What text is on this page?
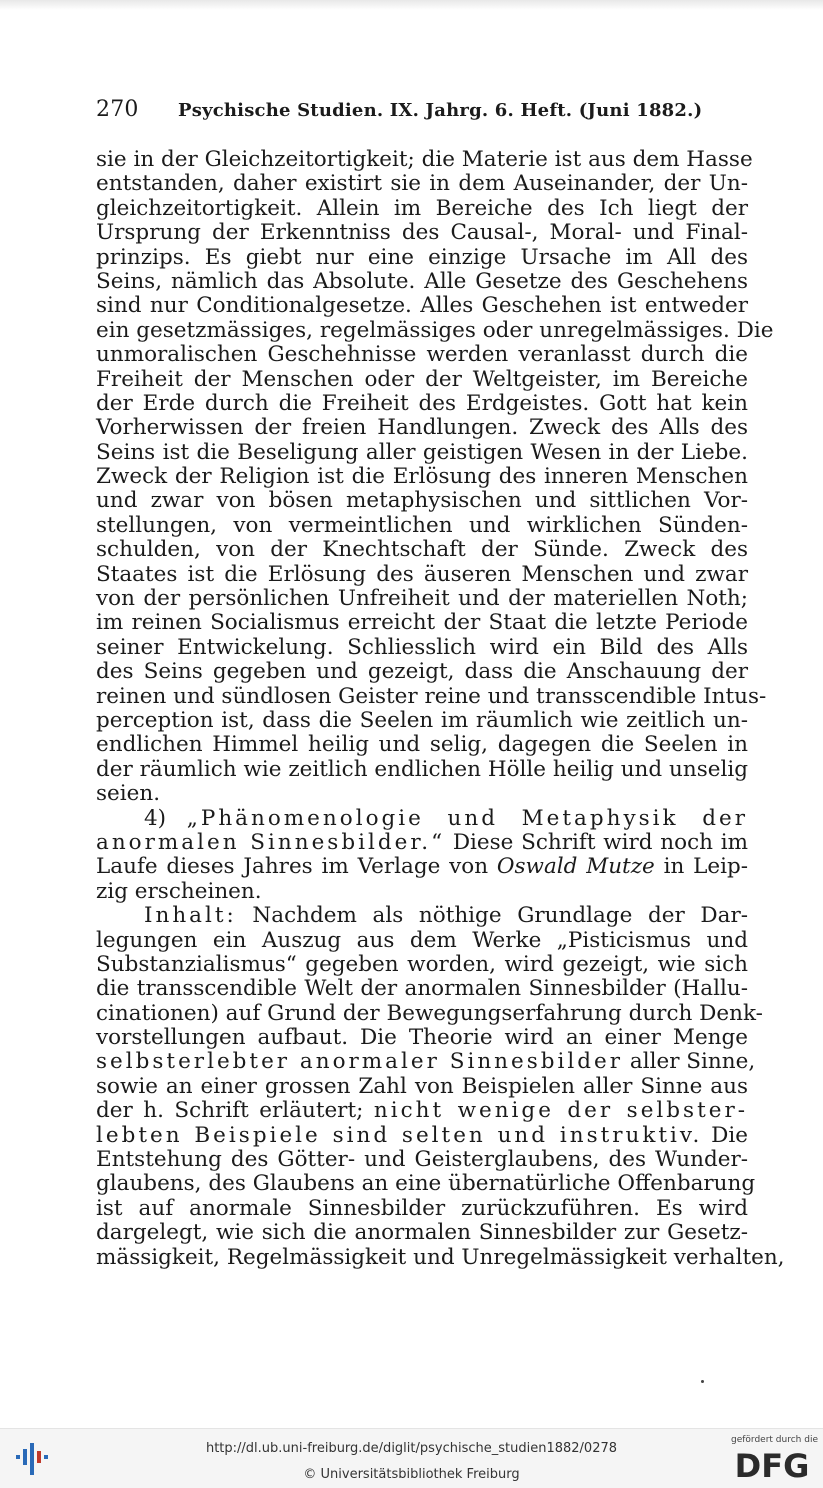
270 Psychische Studien. IX. Jahrg. 6. Heft. (Juni 1882.)
sie in der Gleichzeitortigkeit; die Materie ist aus dem Hasse
entstanden, daher existirt sie in dem Auseinander, der Un-
gleichzeitortigkeit. Allein im Bereiche des Ich liegt der
Ursprung der Erkenntniss des Causal-, Moral- und Final-
prinzips. Es giebt nur eine einzige Ursache im All des
Seins, nämlich das Absolute. Alle Gesetze des Geschehens
sind nur Conditionalgesetze. Alles Geschehen ist entweder
ein gesetzmässiges, regelmässiges oder unregelmässiges. Die
unmoralischen Geschehnisse werden veranlasst durch die
Freiheit der Menschen oder der Weltgeister, im Bereiche
der Erde durch die Freiheit des Erdgeistes. Gott hat kein
Vorherwissen der freien Handlungen. Zweck des Alls des
Seins ist die Beseligung aller geistigen Wesen in der Liebe.
Zweck der Religion ist die Erlösung des inneren Menschen
und zwar von bösen metaphysischen und sittlichen Vor-
stellungen, von vermeintlichen und wirklichen Sünden-
schulden, von der Knechtschaft der Sünde. Zweck des
Staates ist die Erlösung des äuseren Menschen und zwar
von der persönlichen Unfreiheit und der materiellen Noth;
im reinen Socialismus erreicht der Staat die letzte Periode
seiner Entwickelung. Schliesslich wird ein Bild des Alls
des Seins gegeben und gezeigt, dass die Anschauung der
reinen und sündlosen Geister reine und transscendible Intus-
perception ist, dass die Seelen im räumlich wie zeitlich un-
endlichen Himmel heilig und selig, dagegen die Seelen in
der räumlich wie zeitlich endlichen Hölle heilig und unselig
seien.
4) „Phänomenologie und Metaphysik der
anormalen Sinnesbilder.“ Diese Schrift wird noch im
Laufe dieses Jahres im Verlage von Oswald Mutze in Leip-
zig erscheinen.
Inhalt: Nachdem als nöthige Grundlage der Dar-
legungen ein Auszug aus dem Werke „Pisticismus und
Substanzialismus“ gegeben worden, wird gezeigt, wie sich
die transscendible Welt der anormalen Sinnesbilder (Hallu-
cinationen) auf Grund der Bewegungserfahrung durch Denk-
vorstellungen aufbaut. Die Theorie wird an einer Menge
selbsterlebter anormaler Sinnesbilder aller Sinne,
sowie an einer grossen Zahl von Beispielen aller Sinne aus
der h. Schrift erläutert; nicht wenige der selbster-
lebten Beispiele sind selten und instruktiv. Die
Entstehung des Götter- und Geisterglaubens, des Wunder-
glaubens, des Glaubens an eine übernatürliche Offenbarung
ist auf anormale Sinnesbilder zurückzuführen. Es wird
dargelegt, wie sich die anormalen Sinnesbilder zur Gesetz-
mässigkeit, Regelmässigkeit und Unregelmässigkeit verhalten,
http://dl.ub.uni-freiburg.de/diglit/psychische_studien1882/0278
© Universitätsbibliothek Freiburg
gefördert durch die
DFG
